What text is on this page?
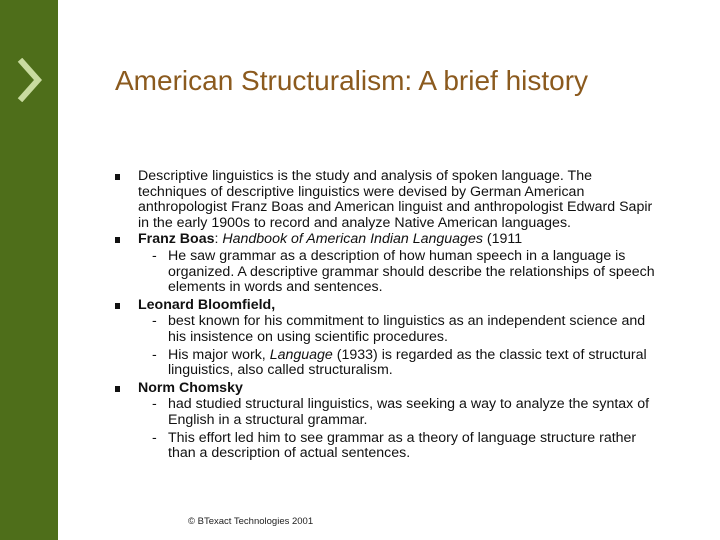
American Structuralism: A brief history
Descriptive linguistics is the study and analysis of spoken language. The techniques of descriptive linguistics were devised by German American anthropologist Franz Boas and American linguist and anthropologist Edward Sapir in the early 1900s to record and analyze Native American languages.
Franz Boas: Handbook of American Indian Languages (1911
- He saw grammar as a description of how human speech in a language is organized. A descriptive grammar should describe the relationships of speech elements in words and sentences.
Leonard Bloomfield,
- best known for his commitment to linguistics as an independent science and his insistence on using scientific procedures.
- His major work, Language (1933) is regarded as the classic text of structural linguistics, also called structuralism.
Norm Chomsky
- had studied structural linguistics, was seeking a way to analyze the syntax of English in a structural grammar.
- This effort led him to see grammar as a theory of language structure rather than a description of actual sentences.
© BTexact Technologies 2001
